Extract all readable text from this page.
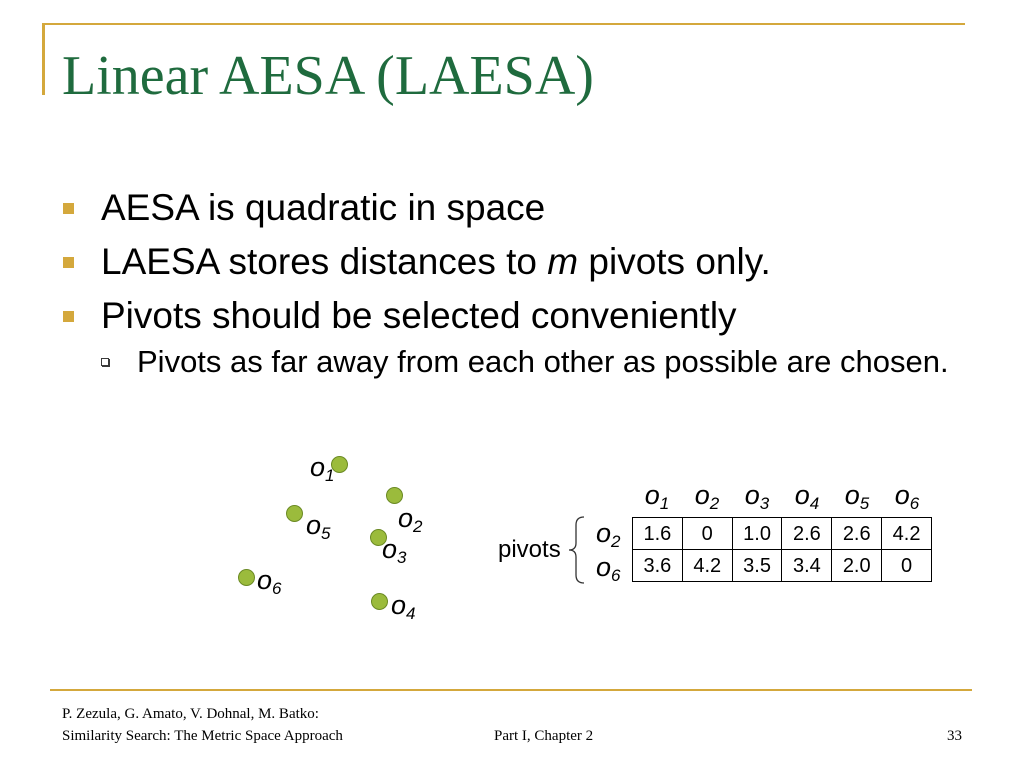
Linear AESA (LAESA)
AESA is quadratic in space
LAESA stores distances to m pivots only.
Pivots should be selected conveniently
Pivots as far away from each other as possible are chosen.
$o_1$
$o_2$
$o_3$
$o_4$
$o_5$
$o_6$
$o_1$ $o_2$ $o_3$ $o_4$ $o_5$ $o_6$
pivots
$o_2$
$o_6$
1.6	0	1.0	2.6	2.6	4.2
3.6	4.2	3.5	3.4	2.0	0
P. Zezula, G. Amato, V. Dohnal, M. Batko:
Similarity Search: The Metric Space Approach	Part I, Chapter 2	33
